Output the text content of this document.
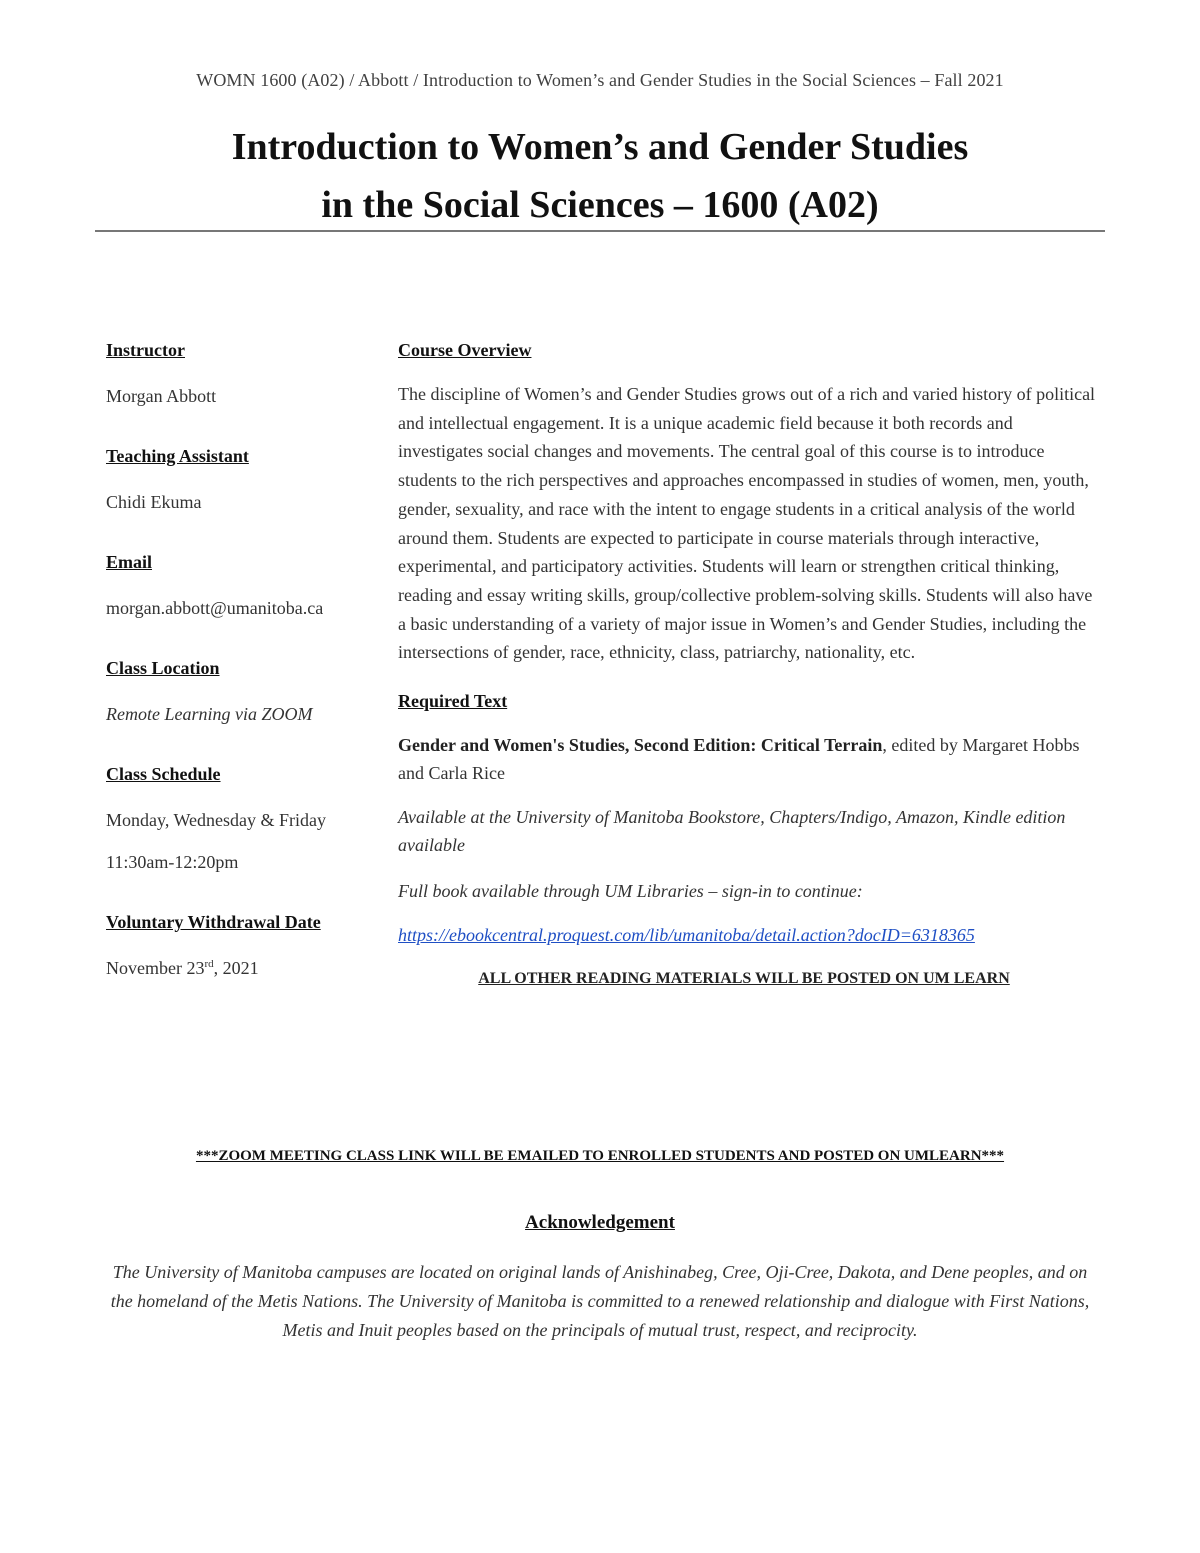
WOMN 1600 (A02) / Abbott / Introduction to Women’s and Gender Studies in the Social Sciences – Fall 2021
Introduction to Women’s and Gender Studies
in the Social Sciences – 1600 (A02)
Instructor
Morgan Abbott
Teaching Assistant
Chidi Ekuma
Email
morgan.abbott@umanitoba.ca
Class Location
Remote Learning via ZOOM
Class Schedule
Monday, Wednesday & Friday
11:30am-12:20pm
Voluntary Withdrawal Date
November 23rd, 2021
Course Overview

The discipline of Women’s and Gender Studies grows out of a rich and varied history of political and intellectual engagement. It is a unique academic field because it both records and investigates social changes and movements. The central goal of this course is to introduce students to the rich perspectives and approaches encompassed in studies of women, men, youth, gender, sexuality, and race with the intent to engage students in a critical analysis of the world around them. Students are expected to participate in course materials through interactive, experimental, and participatory activities. Students will learn or strengthen critical thinking, reading and essay writing skills, group/collective problem-solving skills. Students will also have a basic understanding of a variety of major issue in Women’s and Gender Studies, including the intersections of gender, race, ethnicity, class, patriarchy, nationality, etc.

Required Text

Gender and Women's Studies, Second Edition: Critical Terrain, edited by Margaret Hobbs and Carla Rice

Available at the University of Manitoba Bookstore, Chapters/Indigo, Amazon, Kindle edition available

Full book available through UM Libraries – sign-in to continue:

https://ebookcentral.proquest.com/lib/umanitoba/detail.action?docID=6318365
ALL OTHER READING MATERIALS WILL BE POSTED ON UM LEARN
***ZOOM MEETING CLASS LINK WILL BE EMAILED TO ENROLLED STUDENTS AND POSTED ON UMLEARN***
Acknowledgement

The University of Manitoba campuses are located on original lands of Anishinabeg, Cree, Oji-Cree, Dakota, and Dene peoples, and on the homeland of the Metis Nations. The University of Manitoba is committed to a renewed relationship and dialogue with First Nations, Metis and Inuit peoples based on the principals of mutual trust, respect, and reciprocity.
